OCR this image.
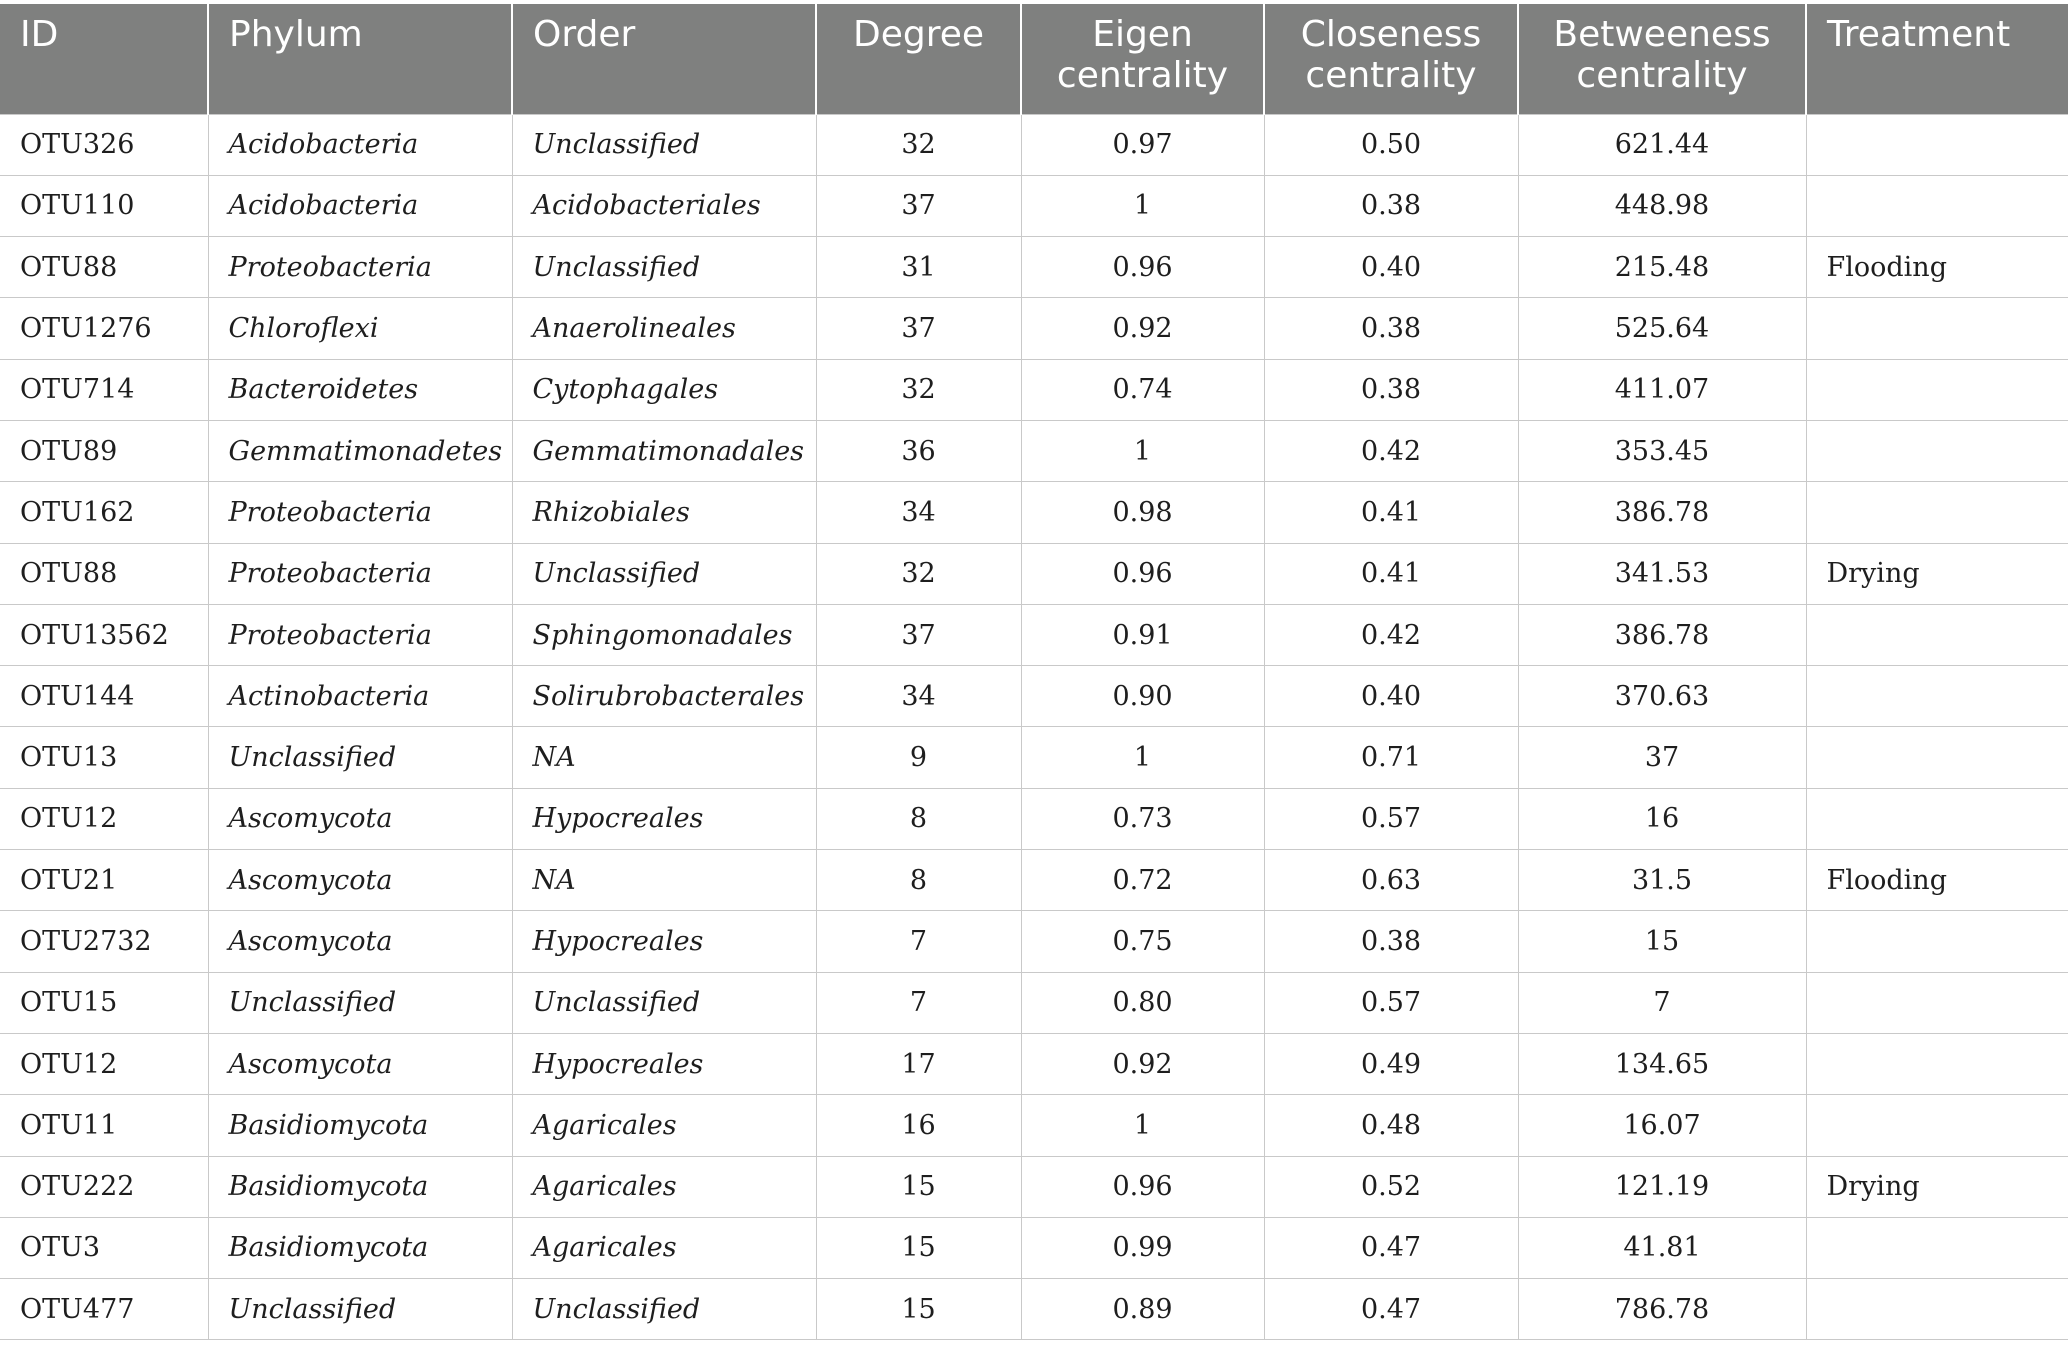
ID	Phylum	Order	Degree	Eigen centrality	Closeness centrality	Betweeness centrality	Treatment
OTU326	Acidobacteria	Unclassified	32	0.97	0.50	621.44	
OTU110	Acidobacteria	Acidobacteriales	37	1	0.38	448.98	
OTU88	Proteobacteria	Unclassified	31	0.96	0.40	215.48	Flooding
OTU1276	Chloroflexi	Anaerolineales	37	0.92	0.38	525.64	
OTU714	Bacteroidetes	Cytophagales	32	0.74	0.38	411.07	
OTU89	Gemmatimonadetes	Gemmatimonadales	36	1	0.42	353.45	
OTU162	Proteobacteria	Rhizobiales	34	0.98	0.41	386.78	
OTU88	Proteobacteria	Unclassified	32	0.96	0.41	341.53	Drying
OTU13562	Proteobacteria	Sphingomonadales	37	0.91	0.42	386.78	
OTU144	Actinobacteria	Solirubrobacterales	34	0.90	0.40	370.63	
OTU13	Unclassified	NA	9	1	0.71	37	
OTU12	Ascomycota	Hypocreales	8	0.73	0.57	16	
OTU21	Ascomycota	NA	8	0.72	0.63	31.5	Flooding
OTU2732	Ascomycota	Hypocreales	7	0.75	0.38	15	
OTU15	Unclassified	Unclassified	7	0.80	0.57	7	
OTU12	Ascomycota	Hypocreales	17	0.92	0.49	134.65	
OTU11	Basidiomycota	Agaricales	16	1	0.48	16.07	
OTU222	Basidiomycota	Agaricales	15	0.96	0.52	121.19	Drying
OTU3	Basidiomycota	Agaricales	15	0.99	0.47	41.81	
OTU477	Unclassified	Unclassified	15	0.89	0.47	786.78	
